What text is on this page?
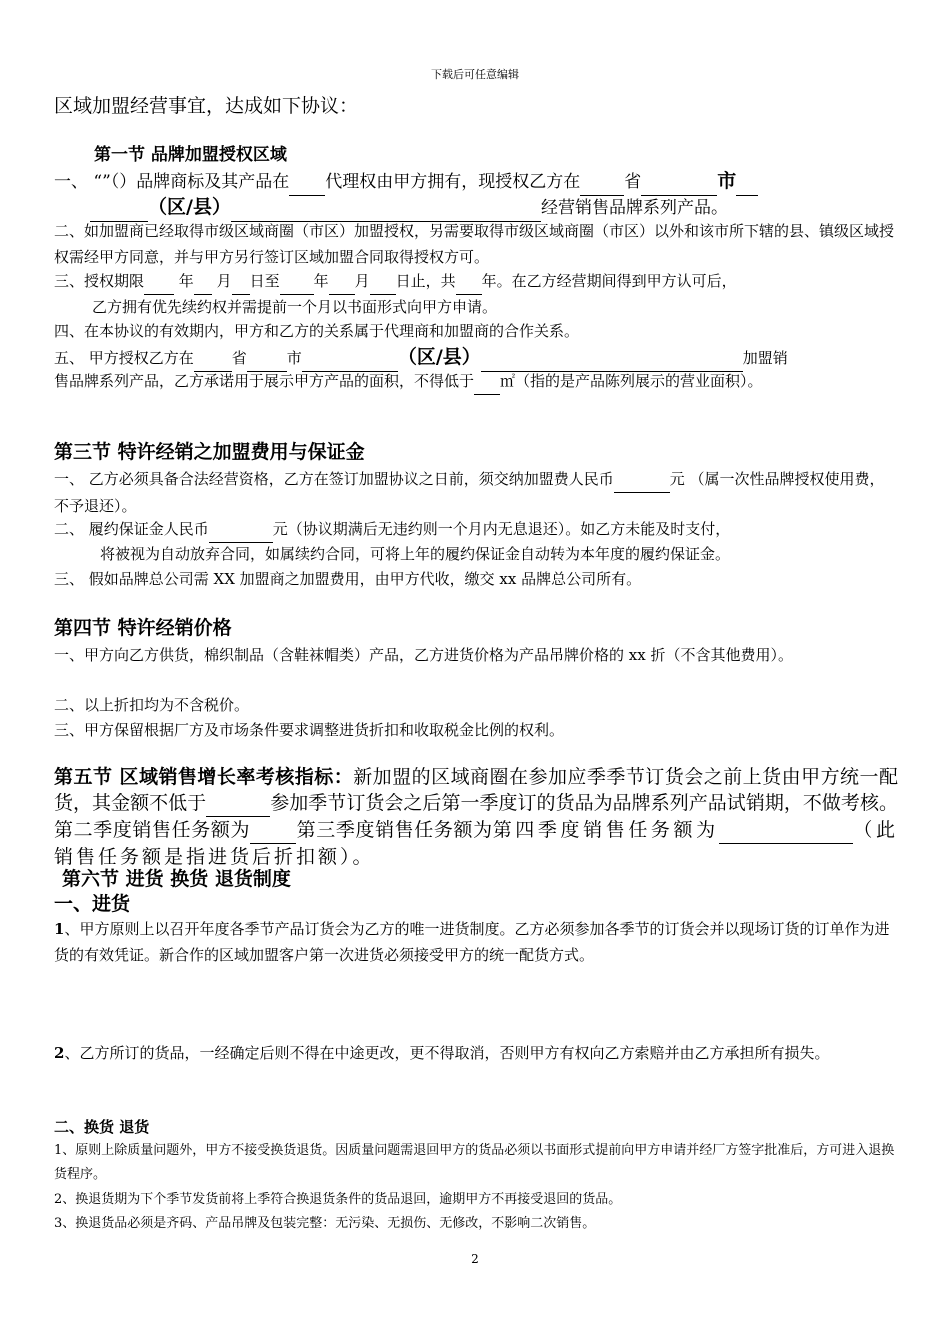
下载后可任意编辑

区域加盟经营事宜，达成如下协议：

第一节 品牌加盟授权区域

一、 “”（）品牌商标及其产品在 代理权由甲方拥有，现授权乙方在	省	市

（区/县）	经营销售品牌系列产品。

二、如加盟商已经取得市级区域商圈（市区）加盟授权，另需要取得市级区域商圈（市区）以外和该市所下辖的县、镇级区域授权需经甲方同意，并与甲方另行签订区域加盟合同取得授权方可。

三、授权期限 年 月 日至 年 月 日止，共 年。在乙方经营期间得到甲方认可后，

乙方拥有优先续约权并需提前一个月以书面形式向甲方申请。

四、在本协议的有效期内，甲方和乙方的关系属于代理商和加盟商的合作关系。

五、 甲方授权乙方在	省	市	（区/县）	加盟销

售品牌系列产品，乙方承诺用于展示甲方产品的面积，不得低于 ㎡（指的是产品陈列展示的营业面积）。

第三节 特许经销之加盟费用与保证金

一、 乙方必须具备合法经营资格，乙方在签订加盟协议之日前，须交纳加盟费人民币	元 （属一次性品牌授权使用费，不予退还）。

二、 履约保证金人民币	元（协议期满后无违约则一个月内无息退还）。如乙方未能及时支付，

将被视为自动放弃合同，如属续约合同，可将上年的履约保证金自动转为本年度的履约保证金。

三、 假如品牌总公司需 XX 加盟商之加盟费用，由甲方代收，缴交 xx 品牌总公司所有。

第四节 特许经销价格

一、甲方向乙方供货，棉织制品（含鞋袜帽类）产品，乙方进货价格为产品吊牌价格的 xx 折（不含其他费用）。

二、以上折扣均为不含税价。

三、甲方保留根据厂方及市场条件要求调整进货折扣和收取税金比例的权利。

第五节 区域销售增长率考核指标：新加盟的区域商圈在参加应季季节订货会之前上货由甲方统一配货，其金额不低于	参加季节订货会之后第一季度订的货品为品牌系列产品试销期，不做考核。第二季度销售任务额为 第三季度销售任务额为第四季度销售任务额为	（此销售任务额是指进货后折扣额）。

第六节 进货 换货 退货制度

一、进货

1、甲方原则上以召开年度各季节产品订货会为乙方的唯一进货制度。乙方必须参加各季节的订货会并以现场订货的订单作为进货的有效凭证。新合作的区域加盟客户第一次进货必须接受甲方的统一配货方式。

2、乙方所订的货品，一经确定后则不得在中途更改，更不得取消，否则甲方有权向乙方索赔并由乙方承担所有损失。

二、换货 退货

1、原则上除质量问题外，甲方不接受换货退货。因质量问题需退回甲方的货品必须以书面形式提前向甲方申请并经厂方签字批准后，方可进入退换货程序。

2、换退货期为下个季节发货前将上季符合换退货条件的货品退回，逾期甲方不再接受退回的货品。

3、换退货品必须是齐码、产品吊牌及包装完整：无污染、无损伤、无修改，不影响二次销售。

2
